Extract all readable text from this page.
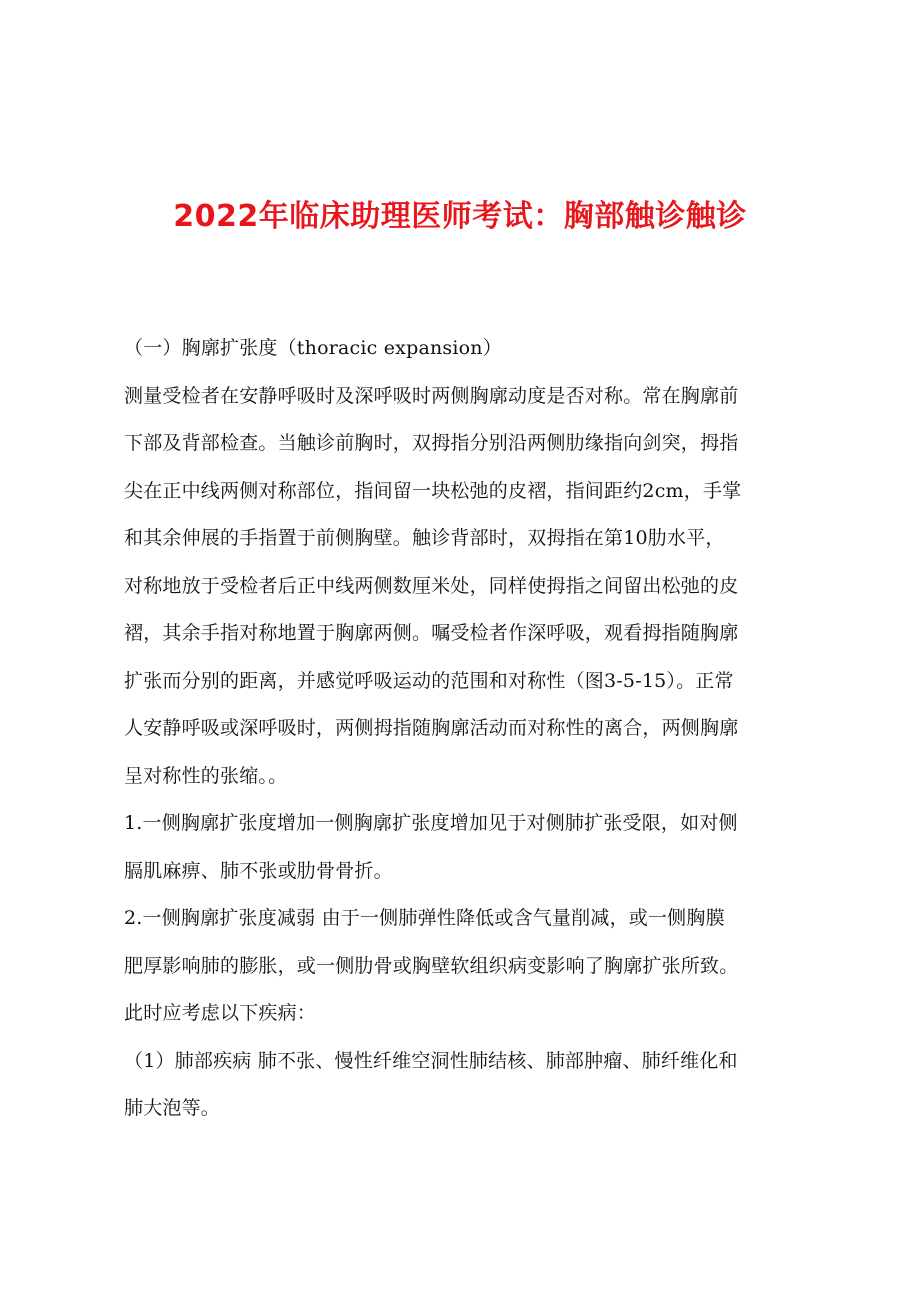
2022年临床助理医师考试：胸部触诊触诊
（一）胸廓扩张度（thoracic expansion）
测量受检者在安静呼吸时及深呼吸时两侧胸廓动度是否对称。常在胸廓前
下部及背部检查。当触诊前胸时，双拇指分别沿两侧肋缘指向剑突，拇指
尖在正中线两侧对称部位，指间留一块松弛的皮褶，指间距约2cm，手掌
和其余伸展的手指置于前侧胸壁。触诊背部时，双拇指在第10肋水平，
对称地放于受检者后正中线两侧数厘米处，同样使拇指之间留出松弛的皮
褶，其余手指对称地置于胸廓两侧。嘱受检者作深呼吸，观看拇指随胸廓
扩张而分别的距离，并感觉呼吸运动的范围和对称性（图3-5-15）。正常
人安静呼吸或深呼吸时，两侧拇指随胸廓活动而对称性的离合，两侧胸廓
呈对称性的张缩。。
1.一侧胸廓扩张度增加一侧胸廓扩张度增加见于对侧肺扩张受限，如对侧
膈肌麻痹、肺不张或肋骨骨折。
2.一侧胸廓扩张度减弱 由于一侧肺弹性降低或含气量削减，或一侧胸膜
肥厚影响肺的膨胀，或一侧肋骨或胸壁软组织病变影响了胸廓扩张所致。
此时应考虑以下疾病：
（1）肺部疾病 肺不张、慢性纤维空洞性肺结核、肺部肿瘤、肺纤维化和
肺大泡等。
